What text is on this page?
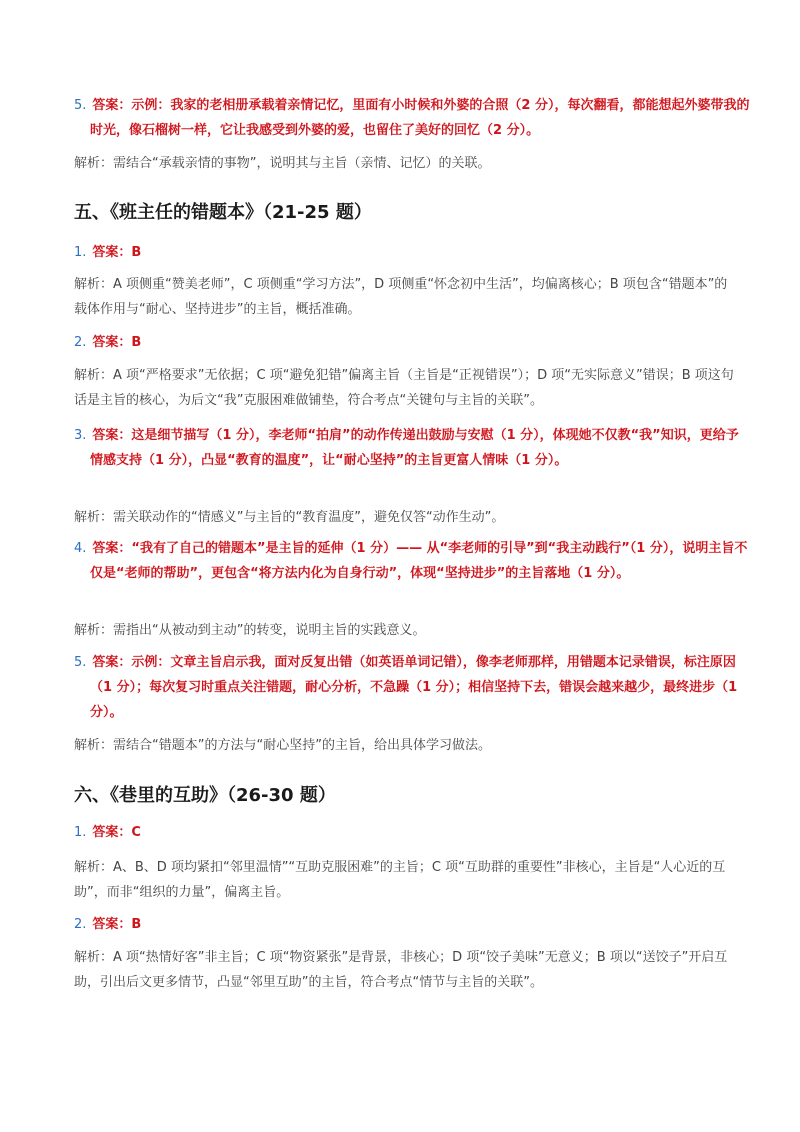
5. 答案：示例：我家的老相册承载着亲情记忆，里面有小时候和外婆的合照（2 分），每次翻看，都能想起外婆带我的时光，像石榴树一样，它让我感受到外婆的爱，也留住了美好的回忆（2 分）。
解析：需结合“承载亲情的事物”，说明其与主旨（亲情、记忆）的关联。
五、《班主任的错题本》（21-25 题）
1. 答案：B
解析：A 项侧重“赞美老师”，C 项侧重“学习方法”，D 项侧重“怀念初中生活”，均偏离核心；B 项包含“错题本”的载体作用与“耐心、坚持进步”的主旨，概括准确。
2. 答案：B
解析：A 项“严格要求”无依据；C 项“避免犯错”偏离主旨（主旨是“正视错误”）；D 项“无实际意义”错误；B 项这句话是主旨的核心，为后文“我”克服困难做铺垫，符合考点“关键句与主旨的关联”。
3. 答案：这是细节描写（1 分），李老师“拍肩”的动作传递出鼓励与安慰（1 分），体现她不仅教“我”知识，更给予情感支持（1 分），凸显“教育的温度”，让“耐心坚持”的主旨更富人情味（1 分）。
解析：需关联动作的“情感义”与主旨的“教育温度”，避免仅答“动作生动”。
4. 答案：“我有了自己的错题本”是主旨的延伸（1 分）—— 从“李老师的引导”到“我主动践行”（1 分），说明主旨不仅是“老师的帮助”，更包含“将方法内化为自身行动”，体现“坚持进步”的主旨落地（1 分）。
解析：需指出“从被动到主动”的转变，说明主旨的实践意义。
5. 答案：示例：文章主旨启示我，面对反复出错（如英语单词记错），像李老师那样，用错题本记录错误，标注原因（1 分）；每次复习时重点关注错题，耐心分析，不急躁（1 分）；相信坚持下去，错误会越来越少，最终进步（1 分）。
解析：需结合“错题本”的方法与“耐心坚持”的主旨，给出具体学习做法。
六、《巷里的互助》（26-30 题）
1. 答案：C
解析：A、B、D 项均紧扣“邻里温情”“互助克服困难”的主旨；C 项“互助群的重要性”非核心，主旨是“人心近的互助”，而非“组织的力量”，偏离主旨。
2. 答案：B
解析：A 项“热情好客”非主旨；C 项“物资紧张”是背景，非核心；D 项“饺子美味”无意义；B 项以“送饺子”开启互助，引出后文更多情节，凸显“邻里互助”的主旨，符合考点“情节与主旨的关联”。
